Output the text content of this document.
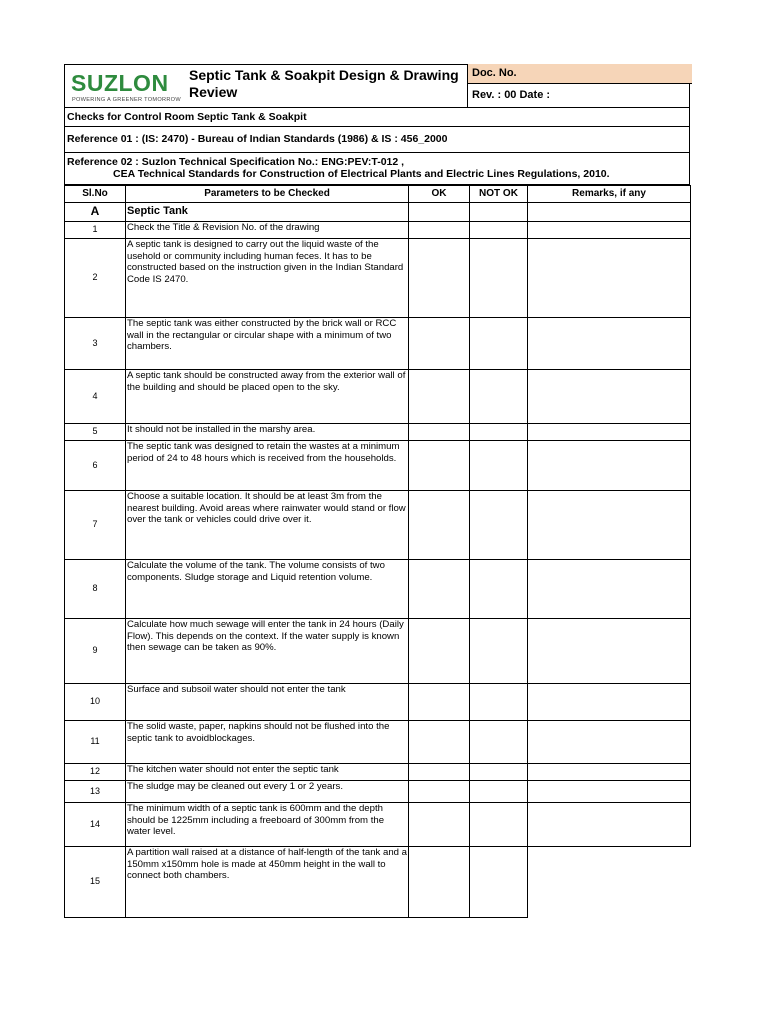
SUZLON
POWERING A GREENER TOMORROW
Septic Tank & Soakpit Design & Drawing Review
Doc. No.
Rev. : 00 Date :
Checks for Control Room Septic Tank & Soakpit
Reference 01 : (IS: 2470) - Bureau of Indian Standards (1986) & IS : 456_2000
Reference 02 : Suzlon Technical Specification No.: ENG:PEV:T-012 ,
CEA Technical Standards for Construction of Electrical Plants and Electric Lines Regulations, 2010.
Sl.No	Parameters to be Checked	OK	NOT OK	Remarks, if any
A	Septic Tank			
1	Check the Title & Revision No. of the drawing			
2	A septic tank is designed to carry out the liquid waste of the usehold or community including human feces. It has to be constructed based on the instruction given in the Indian Standard Code IS 2470.			
3	The septic tank was either constructed by the brick wall or RCC wall in the rectangular or circular shape with a minimum of two chambers.			
4	A septic tank should be constructed away from the exterior wall of the building and should be placed open to the sky.			
5	It should not be installed in the marshy area.			
6	The septic tank was designed to retain the wastes at a minimum period of 24 to 48 hours which is received from the households.			
7	Choose a suitable location. It should be at least 3m from the nearest building. Avoid areas where rainwater would stand or flow over the tank or vehicles could drive over it.			
8	Calculate the volume of the tank. The volume consists of two components. Sludge storage and Liquid retention volume.			
9	Calculate how much sewage will enter the tank in 24 hours (Daily Flow). This depends on the context. If the water supply is known then sewage can be taken as 90%.			
10	Surface and subsoil water should not enter the tank			
11	The solid waste, paper, napkins should not be flushed into the septic tank to avoidblockages.			
12	The kitchen water should not enter the septic tank			
13	The sludge may be cleaned out every 1 or 2 years.			
14	The minimum width of a septic tank is 600mm and the depth should be 1225mm including a freeboard of 300mm from the water level.			
15	A partition wall raised at a distance of half-length of the tank and a 150mm x150mm hole is made at 450mm height in the wall to connect both chambers.			
